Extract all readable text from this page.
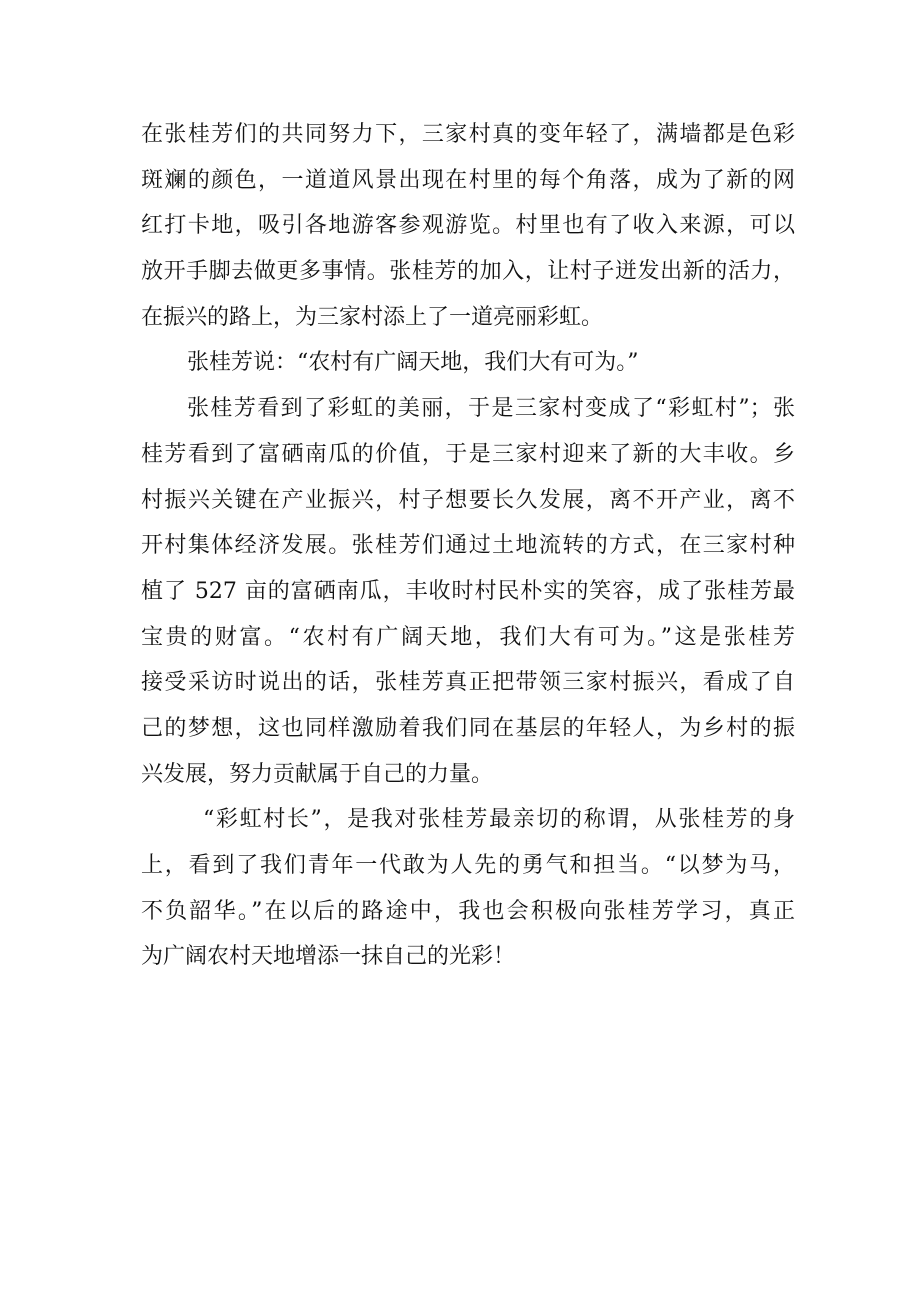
在张桂芳们的共同努力下，三家村真的变年轻了，满墙都是色彩
斑斓的颜色，一道道风景出现在村里的每个角落，成为了新的网
红打卡地，吸引各地游客参观游览。村里也有了收入来源，可以
放开手脚去做更多事情。张桂芳的加入，让村子迸发出新的活力，
在振兴的路上，为三家村添上了一道亮丽彩虹。
张桂芳说：“农村有广阔天地，我们大有可为。”
张桂芳看到了彩虹的美丽，于是三家村变成了“彩虹村”；张
桂芳看到了富硒南瓜的价值，于是三家村迎来了新的大丰收。乡
村振兴关键在产业振兴，村子想要长久发展，离不开产业，离不
开村集体经济发展。张桂芳们通过土地流转的方式，在三家村种
植了 527 亩的富硒南瓜，丰收时村民朴实的笑容，成了张桂芳最
宝贵的财富。“农村有广阔天地，我们大有可为。”这是张桂芳
接受采访时说出的话，张桂芳真正把带领三家村振兴，看成了自
己的梦想，这也同样激励着我们同在基层的年轻人，为乡村的振
兴发展，努力贡献属于自己的力量。
“彩虹村长”，是我对张桂芳最亲切的称谓，从张桂芳的身
上，看到了我们青年一代敢为人先的勇气和担当。“以梦为马，
不负韶华。”在以后的路途中，我也会积极向张桂芳学习，真正
为广阔农村天地增添一抹自己的光彩！
